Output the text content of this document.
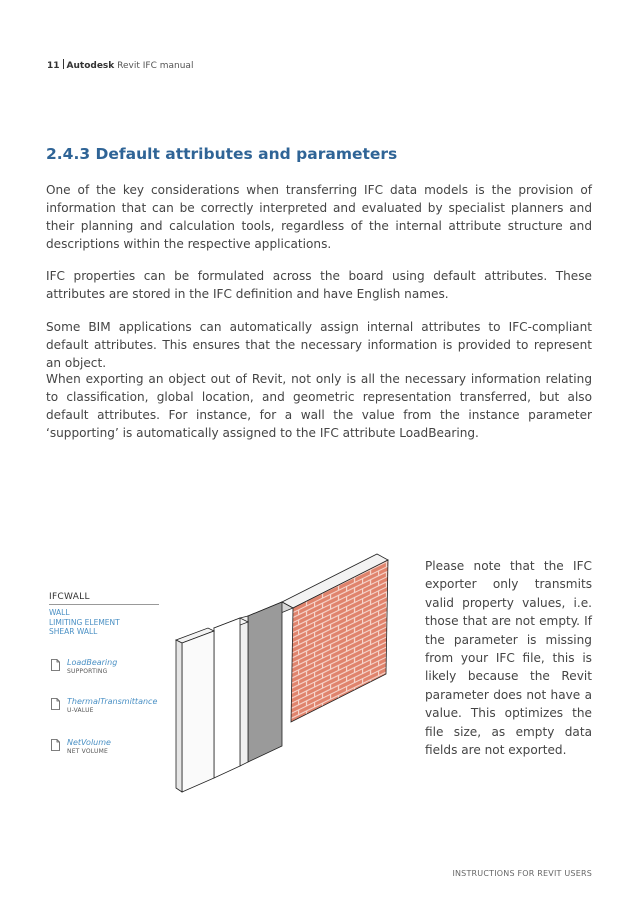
11 Autodesk Revit IFC manual
2.4.3 Default attributes and parameters
One of the key considerations when transferring IFC data models is the provision of information that can be correctly interpreted and evaluated by specialist planners and their planning and calculation tools, regardless of the internal attribute structure and descriptions within the respective applications.
IFC properties can be formulated across the board using default attributes. These attributes are stored in the IFC definition and have English names.
Some BIM applications can automatically assign internal attributes to IFC-compliant default attributes. This ensures that the necessary information is provided to represent an object.
When exporting an object out of Revit, not only is all the necessary information relating to classification, global location, and geometric representation transferred, but also default attributes. For instance, for a wall the value from the instance parameter ‘supporting’ is automatically assigned to the IFC attribute LoadBearing.
IFCWALL
WALL
LIMITING ELEMENT
SHEAR WALL
LoadBearing
SUPPORTING
ThermalTransmittance
U-VALUE
NetVolume
NET VOLUME
Please note that the IFC exporter only transmits valid property values, i.e. those that are not empty. If the parameter is missing from your IFC file, this is likely because the Revit parameter does not have a value. This optimizes the file size, as empty data fields are not exported.
INSTRUCTIONS FOR REVIT USERS
